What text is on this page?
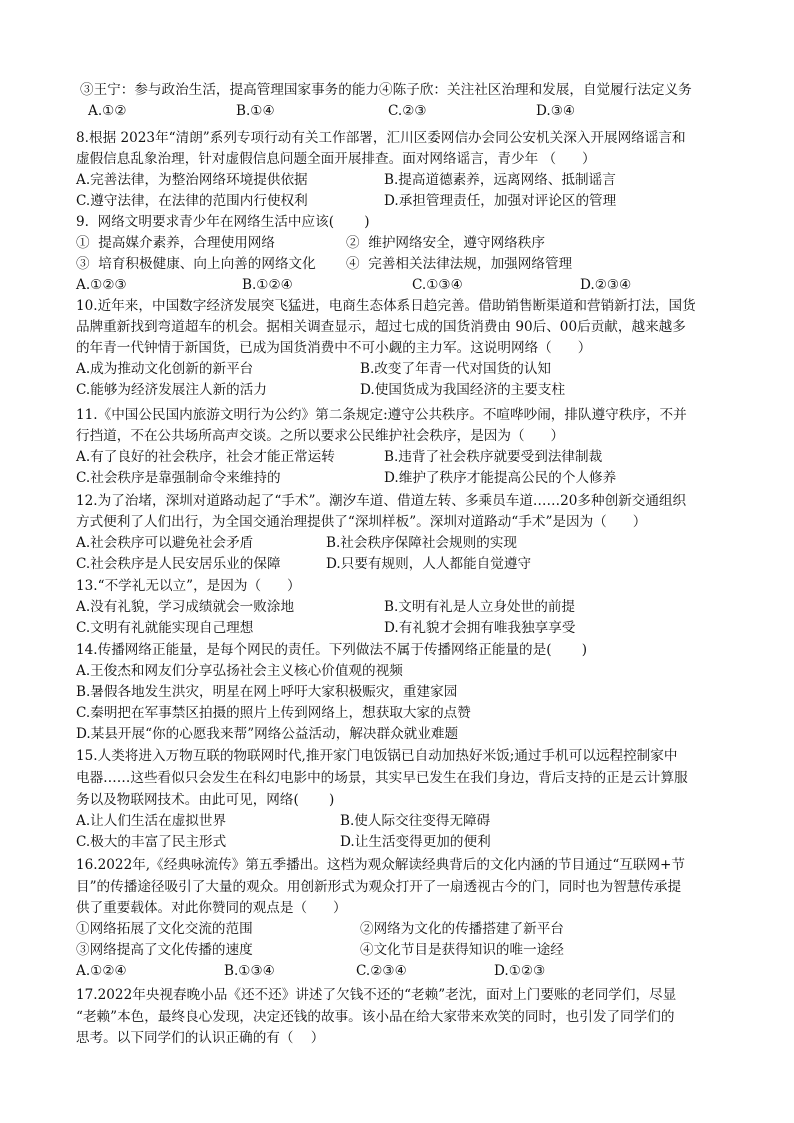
③王宁：参与政治生活，提高管理国家事务的能力④陈子欣：关注社区治理和发展，自觉履行法定义务
A.①②	B.①④	C.②③	D.③④
8.根据 2023年“清朗”系列专项行动有关工作部署，汇川区委网信办会同公安机关深入开展网络谣言和
虚假信息乱象治理，针对虚假信息问题全面开展排查。面对网络谣言，青少年 （      ）
A.完善法律，为整治网络环境提供依据	B.提高道德素养，远离网络、抵制谣言
C.遵守法律，在法律的范围内行使权利	D.承担管理责任，加强对评论区的管理
9.  网络文明要求青少年在网络生活中应该(       )
①  提高媒介素养，合理使用网络	②  维护网络安全，遵守网络秩序
③  培育积极健康、向上向善的网络文化 ④  完善相关法律法规，加强网络管理
A.①②③	B.①②④	C.①③④	D.②③④
10.近年来，中国数字经济发展突飞猛进，电商生态体系日趋完善。借助销售断渠道和营销新打法，国货
品牌重新找到弯道超车的机会。据相关调查显示，超过七成的国货消费由 90后、00后贡献，越来越多
的年青一代钟情于新国货，已成为国货消费中不可小觑的主力军。这说明网络（      ）
A.成为推动文化创新的新平台	B.改变了年青一代对国货的认知
C.能够为经济发展注人新的活力	D.使国货成为我国经济的主要支柱
11.《中国公民国内旅游文明行为公约》第二条规定:遵守公共秩序。不喧哗吵闹，排队遵守秩序，不并
行挡道，不在公共场所高声交谈。之所以要求公民维护社会秩序，是因为（      ）
A.有了良好的社会秩序，社会才能正常运转	B.违背了社会秩序就要受到法律制裁
C.社会秩序是靠强制命令来维持的	D.维护了秩序才能提高公民的个人修养
12.为了治堵，深圳对道路动起了“手术”。潮汐车道、借道左转、多乘员车道……20多种创新交通组织
方式便利了人们出行，为全国交通治理提供了“深圳样板”。深圳对道路动“手术”是因为（      ）
A.社会秩序可以避免社会矛盾	B.社会秩序保障社会规则的实现
C.社会秩序是人民安居乐业的保障	D.只要有规则，人人都能自觉遵守
13.“不学礼无以立”，是因为（      ）
A.没有礼貌，学习成绩就会一败涂地	B.文明有礼是人立身处世的前提
C.文明有礼就能实现自己理想	D.有礼貌才会拥有唯我独享享受
14.传播网络正能量，是每个网民的责任。下列做法不属于传播网络正能量的是(       )
A.王俊杰和网友们分享弘扬社会主义核心价值观的视频
B.暑假各地发生洪灾，明星在网上呼吁大家积极赈灾，重建家园
C.秦明把在军事禁区拍摄的照片上传到网络上，想获取大家的点赞
D.某县开展“你的心愿我来帮”网络公益活动，解决群众就业难题
15.人类将进入万物互联的物联网时代,推开家门电饭锅已自动加热好米饭;通过手机可以远程控制家中
电器……这些看似只会发生在科幻电影中的场景，其实早已发生在我们身边，背后支持的正是云计算服
务以及物联网技术。由此可见，网络(       )
A.让人们生活在虚拟世界	B.使人际交往变得无障碍
C.极大的丰富了民主形式	D.让生活变得更加的便利
16.2022年,《经典咏流传》第五季播出。这档为观众解读经典背后的文化内涵的节目通过“互联网+节
目”的传播途径吸引了大量的观众。用创新形式为观众打开了一扇透视古今的门，同时也为智慧传承提
供了重要载体。对此你赞同的观点是（      ）
①网络拓展了文化交流的范围	②网络为文化的传播搭建了新平台
③网络提高了文化传播的速度	④文化节目是获得知识的唯一途经
A.①②④	B.①③④	C.②③④	D.①②③
17.2022年央视春晚小品《还不还》讲述了欠钱不还的“老赖”老沈，面对上门要账的老同学们，尽显
“老赖”本色，最终良心发现，决定还钱的故事。该小品在给大家带来欢笑的同时，也引发了同学们的
思考。以下同学们的认识正确的有（    ）
